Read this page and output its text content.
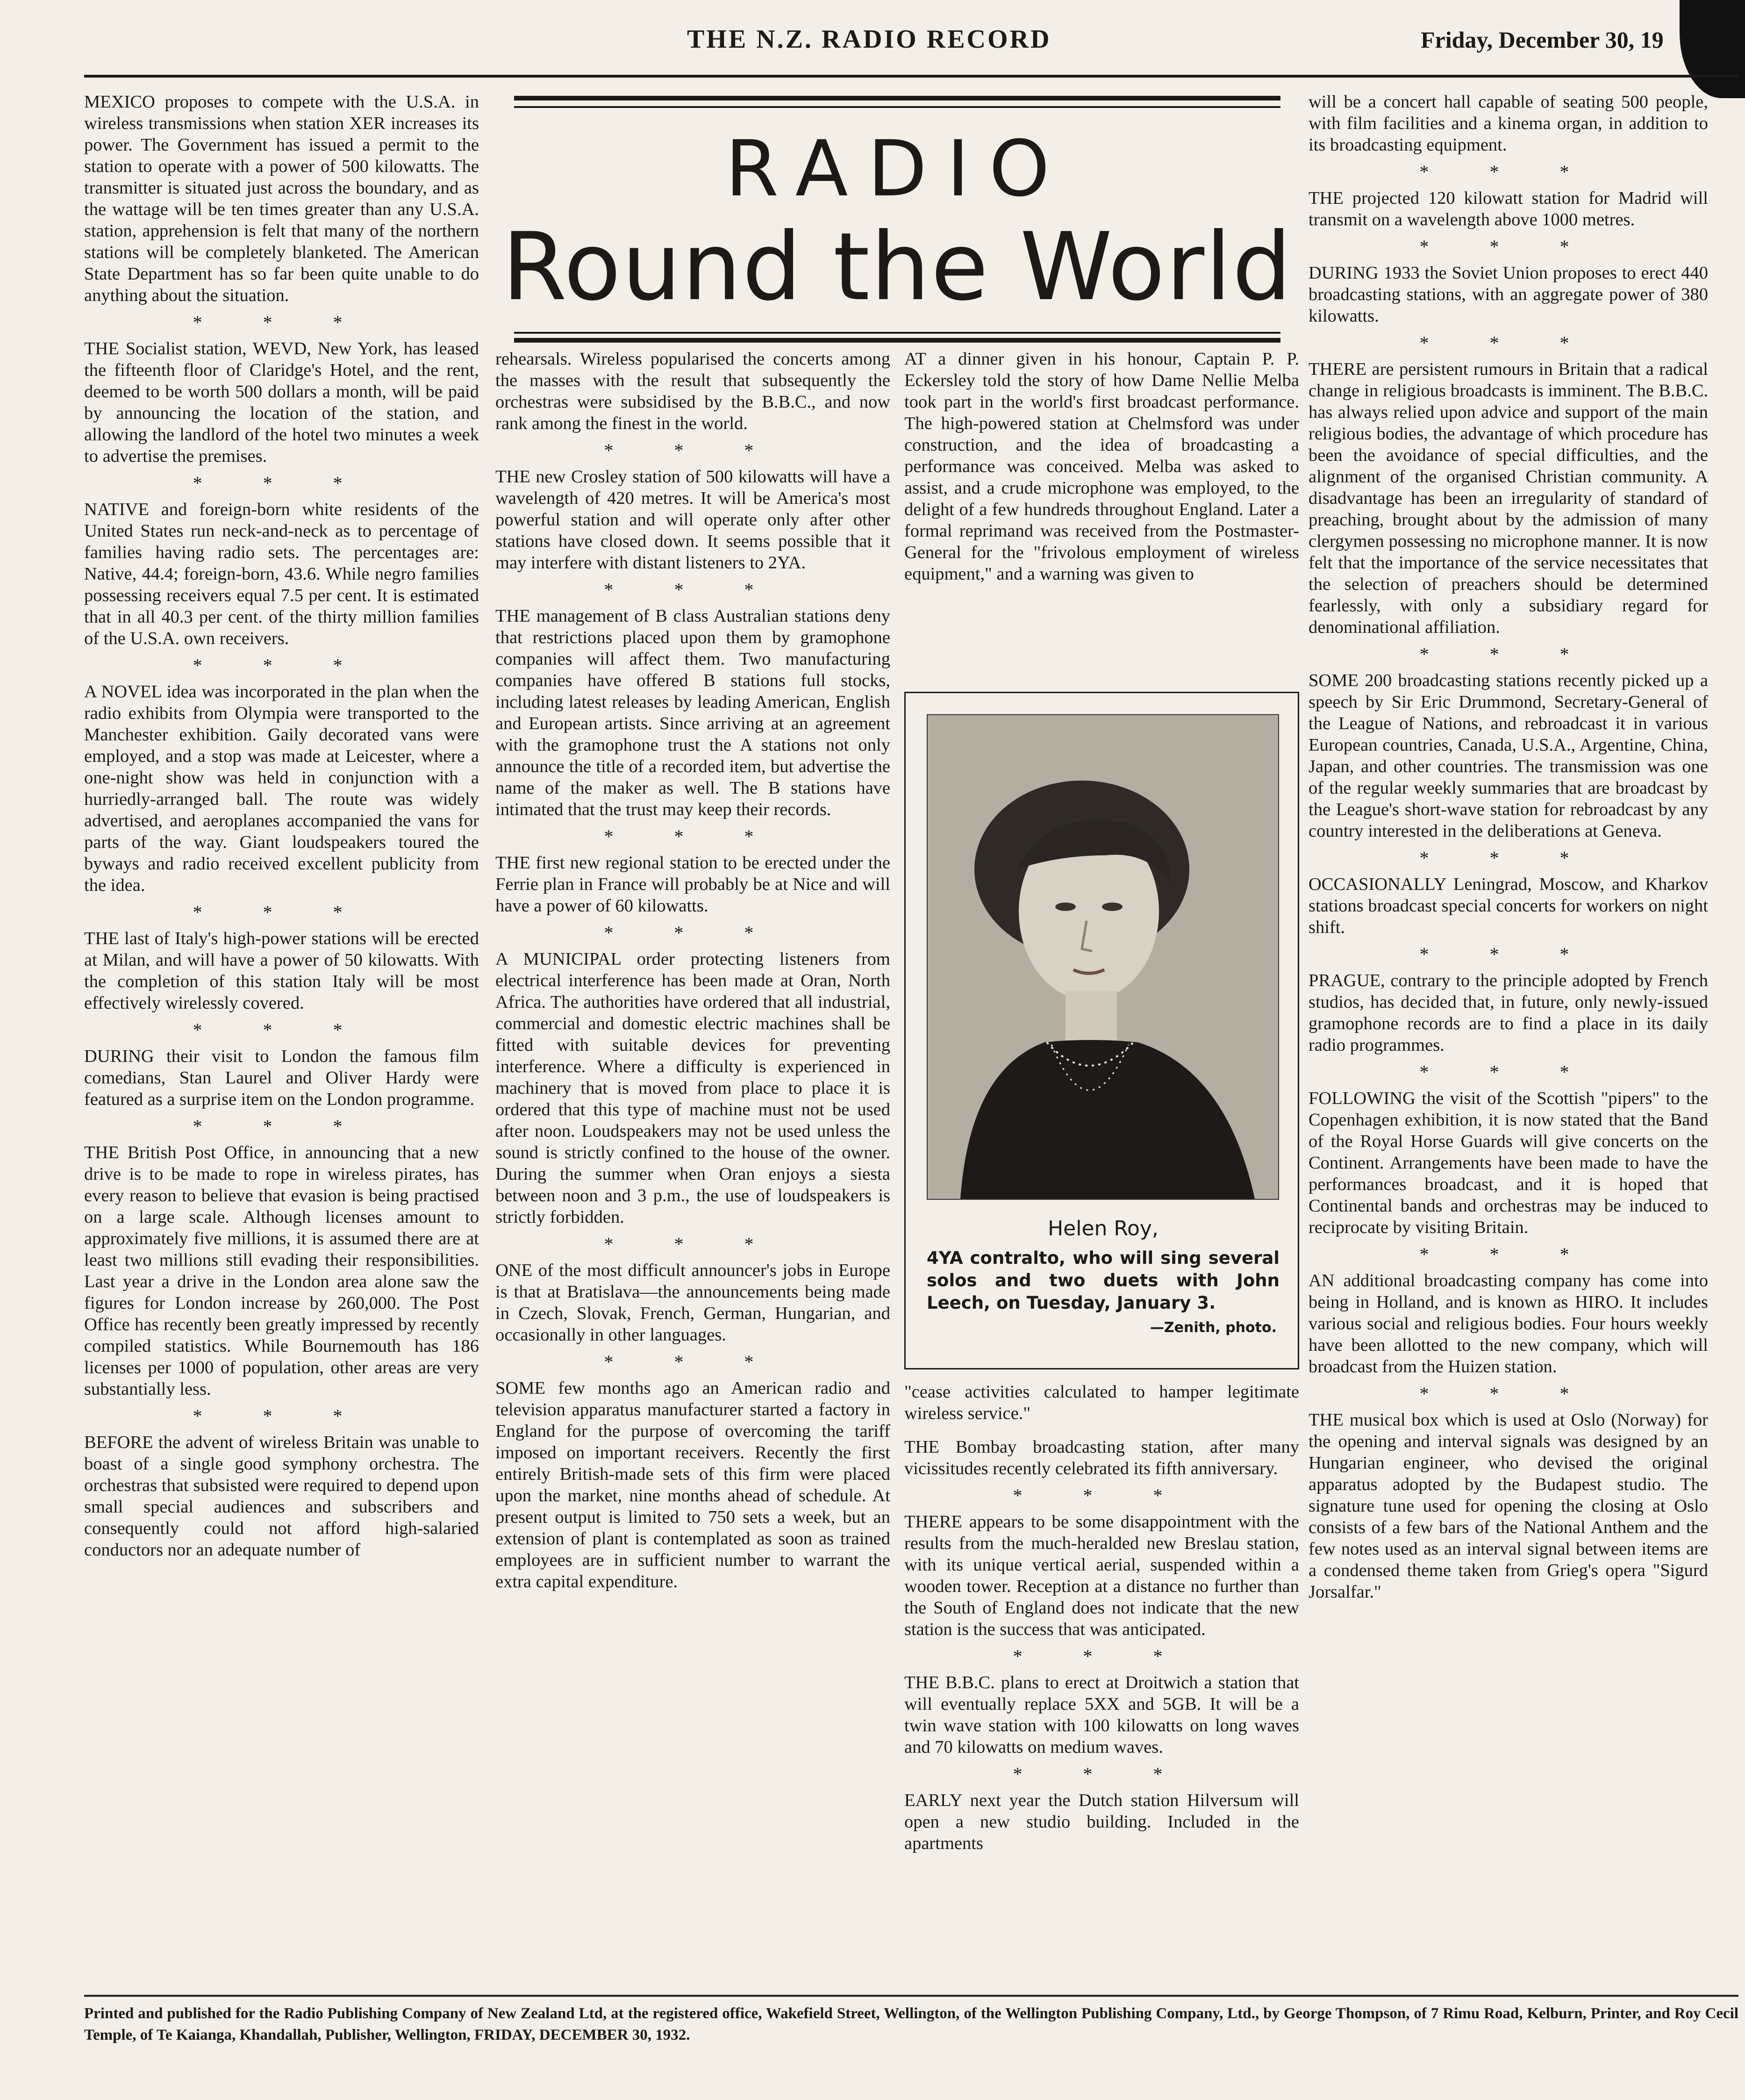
THE N.Z. RADIO RECORD	Friday, December 30, 19

MEXICO proposes to compete with the U.S.A. in wireless transmissions when station XER increases its power. The Government has issued a permit to the station to operate with a power of 500 kilowatts. The transmitter is situated just across the boundary, and as the wattage will be ten times greater than any U.S.A. station, apprehension is felt that many of the northern stations will be completely blanketed. The American State Department has so far been quite unable to do anything about the situation.

* * *

THE Socialist station, WEVD, New York, has leased the fifteenth floor of Claridge's Hotel, and the rent, deemed to be worth 500 dollars a month, will be paid by announcing the location of the station, and allowing the landlord of the hotel two minutes a week to advertise the premises.

* * *

NATIVE and foreign-born white residents of the United States run neck-and-neck as to percentage of families having radio sets. The percentages are: Native, 44.4; foreign-born, 43.6. While negro families possessing receivers equal 7.5 per cent. It is estimated that in all 40.3 per cent. of the thirty million families of the U.S.A. own receivers.

* * *

A NOVEL idea was incorporated in the plan when the radio exhibits from Olympia were transported to the Manchester exhibition. Gaily decorated vans were employed, and a stop was made at Leicester, where a one-night show was held in conjunction with a hurriedly-arranged ball. The route was widely advertised, and aeroplanes accompanied the vans for parts of the way. Giant loudspeakers toured the byways and radio received excellent publicity from the idea.

* * *

THE last of Italy's high-power stations will be erected at Milan, and will have a power of 50 kilowatts. With the completion of this station Italy will be most effectively wirelessly covered.

* * *

DURING their visit to London the famous film comedians, Stan Laurel and Oliver Hardy were featured as a surprise item on the London programme.

* * *

THE British Post Office, in announcing that a new drive is to be made to rope in wireless pirates, has every reason to believe that evasion is being practised on a large scale. Although licenses amount to approximately five millions, it is assumed there are at least two millions still evading their responsibilities. Last year a drive in the London area alone saw the figures for London increase by 260,000. The Post Office has recently been greatly impressed by recently compiled statistics. While Bournemouth has 186 licenses per 1000 of population, other areas are very substantially less.

* * *

BEFORE the advent of wireless Britain was unable to boast of a single good symphony orchestra. The orchestras that subsisted were required to depend upon small special audiences and subscribers and consequently could not afford high-salaried conductors nor an adequate number of

RADIO
Round the World

rehearsals. Wireless popularised the concerts among the masses with the result that subsequently the orchestras were subsidised by the B.B.C., and now rank among the finest in the world.

* * *

THE new Crosley station of 500 kilowatts will have a wavelength of 420 metres. It will be America's most powerful station and will operate only after other stations have closed down. It seems possible that it may interfere with distant listeners to 2YA.

* * *

THE management of B class Australian stations deny that restrictions placed upon them by gramophone companies will affect them. Two manufacturing companies have offered B stations full stocks, including latest releases by leading American, English and European artists. Since arriving at an agreement with the gramophone trust the A stations not only announce the title of a recorded item, but advertise the name of the maker as well. The B stations have intimated that the trust may keep their records.

* * *

THE first new regional station to be erected under the Ferrie plan in France will probably be at Nice and will have a power of 60 kilowatts.

* * *

A MUNICIPAL order protecting listeners from electrical interference has been made at Oran, North Africa. The authorities have ordered that all industrial, commercial and domestic electric machines shall be fitted with suitable devices for preventing interference. Where a difficulty is experienced in machinery that is moved from place to place it is ordered that this type of machine must not be used after noon. Loudspeakers may not be used unless the sound is strictly confined to the house of the owner. During the summer when Oran enjoys a siesta between noon and 3 p.m., the use of loudspeakers is strictly forbidden.

* * *

ONE of the most difficult announcer's jobs in Europe is that at Bratislava—the announcements being made in Czech, Slovak, French, German, Hungarian, and occasionally in other languages.

* * *

SOME few months ago an American radio and television apparatus manufacturer started a factory in England for the purpose of overcoming the tariff imposed on important receivers. Recently the first entirely British-made sets of this firm were placed upon the market, nine months ahead of schedule. At present output is limited to 750 sets a week, but an extension of plant is contemplated as soon as trained employees are in sufficient number to warrant the extra capital expenditure.

AT a dinner given in his honour, Captain P. P. Eckersley told the story of how Dame Nellie Melba took part in the world's first broadcast performance. The high-powered station at Chelmsford was under construction, and the idea of broadcasting a performance was conceived. Melba was asked to assist, and a crude microphone was employed, to the delight of a few hundreds throughout England. Later a formal reprimand was received from the Postmaster-General for the "frivolous employment of wireless equipment," and a warning was given to

Helen Roy,
4YA contralto, who will sing several solos and two duets with John Leech, on Tuesday, January 3.
—Zenith, photo.

"cease activities calculated to hamper legitimate wireless service."

THE Bombay broadcasting station, after many vicissitudes recently celebrated its fifth anniversary.

* * *

THERE appears to be some disappointment with the results from the much-heralded new Breslau station, with its unique vertical aerial, suspended within a wooden tower. Reception at a distance no further than the South of England does not indicate that the new station is the success that was anticipated.

* * *

THE B.B.C. plans to erect at Droitwich a station that will eventually replace 5XX and 5GB. It will be a twin wave station with 100 kilowatts on long waves and 70 kilowatts on medium waves.

* * *

EARLY next year the Dutch station Hilversum will open a new studio building. Included in the apartments

will be a concert hall capable of seating 500 people, with film facilities and a kinema organ, in addition to its broadcasting equipment.

* * *

THE projected 120 kilowatt station for Madrid will transmit on a wavelength above 1000 metres.

* * *

DURING 1933 the Soviet Union proposes to erect 440 broadcasting stations, with an aggregate power of 380 kilowatts.

* * *

THERE are persistent rumours in Britain that a radical change in religious broadcasts is imminent. The B.B.C. has always relied upon advice and support of the main religious bodies, the advantage of which procedure has been the avoidance of special difficulties, and the alignment of the organised Christian community. A disadvantage has been an irregularity of standard of preaching, brought about by the admission of many clergymen possessing no microphone manner. It is now felt that the importance of the service necessitates that the selection of preachers should be determined fearlessly, with only a subsidiary regard for denominational affiliation.

* * *

SOME 200 broadcasting stations recently picked up a speech by Sir Eric Drummond, Secretary-General of the League of Nations, and rebroadcast it in various European countries, Canada, U.S.A., Argentine, China, Japan, and other countries. The transmission was one of the regular weekly summaries that are broadcast by the League's short-wave station for rebroadcast by any country interested in the deliberations at Geneva.

* * *

OCCASIONALLY Leningrad, Moscow, and Kharkov stations broadcast special concerts for workers on night shift.

* * *

PRAGUE, contrary to the principle adopted by French studios, has decided that, in future, only newly-issued gramophone records are to find a place in its daily radio programmes.

* * *

FOLLOWING the visit of the Scottish "pipers" to the Copenhagen exhibition, it is now stated that the Band of the Royal Horse Guards will give concerts on the Continent. Arrangements have been made to have the performances broadcast, and it is hoped that Continental bands and orchestras may be induced to reciprocate by visiting Britain.

* * *

AN additional broadcasting company has come into being in Holland, and is known as HIRO. It includes various social and religious bodies. Four hours weekly have been allotted to the new company, which will broadcast from the Huizen station.

* * *

THE musical box which is used at Oslo (Norway) for the opening and interval signals was designed by an Hungarian engineer, who devised the original apparatus adopted by the Budapest studio. The signature tune used for opening the closing at Oslo consists of a few bars of the National Anthem and the few notes used as an interval signal between items are a condensed theme taken from Grieg's opera "Sigurd Jorsalfar."

Printed and published for the Radio Publishing Company of New Zealand Ltd, at the registered office, Wakefield Street, Wellington, of the Wellington Publishing Company, Ltd., by George Thompson, of 7 Rimu Road, Kelburn, Printer, and Roy Cecil Temple, of Te Kaianga, Khandallah, Publisher, Wellington, FRIDAY, DECEMBER 30, 1932.
